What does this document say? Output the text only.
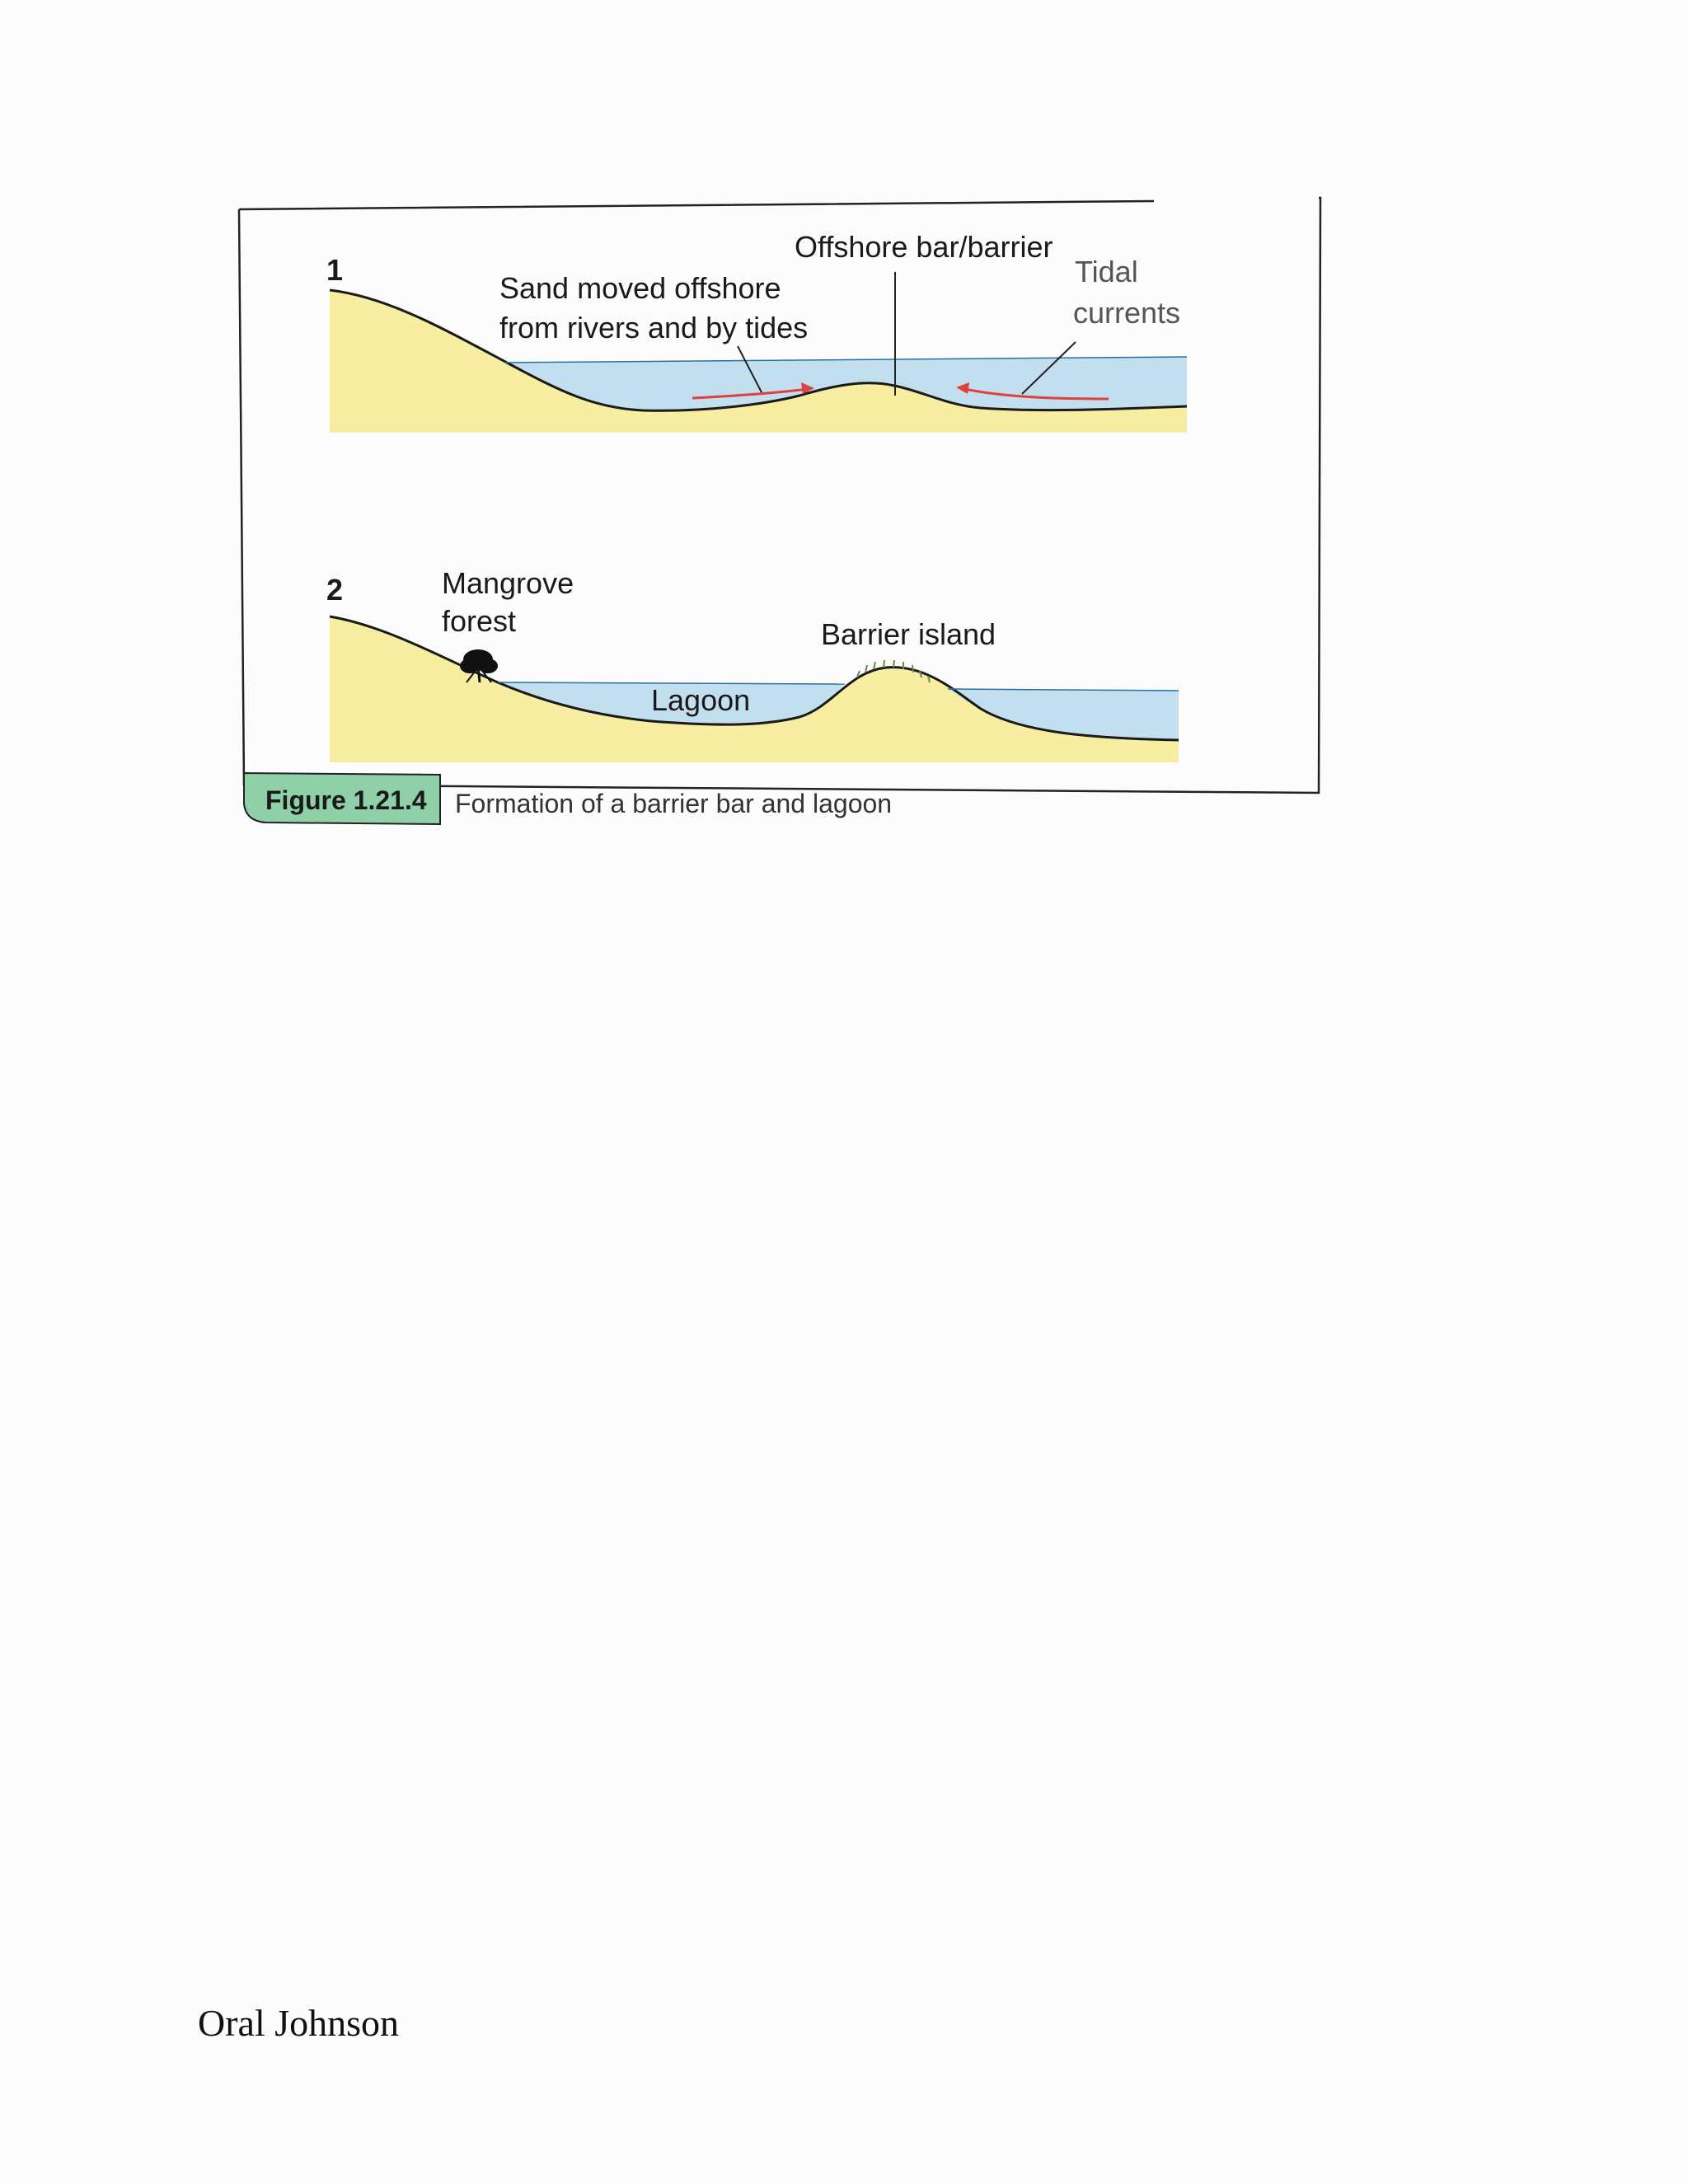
1
Sand moved offshore
from rivers and by tides
Offshore bar/barrier
Tidal
currents
2	Mangrove
forest	Barrier island
Lagoon
Figure 1.21.4 Formation of a barrier bar and lagoon
Oral Johnson
